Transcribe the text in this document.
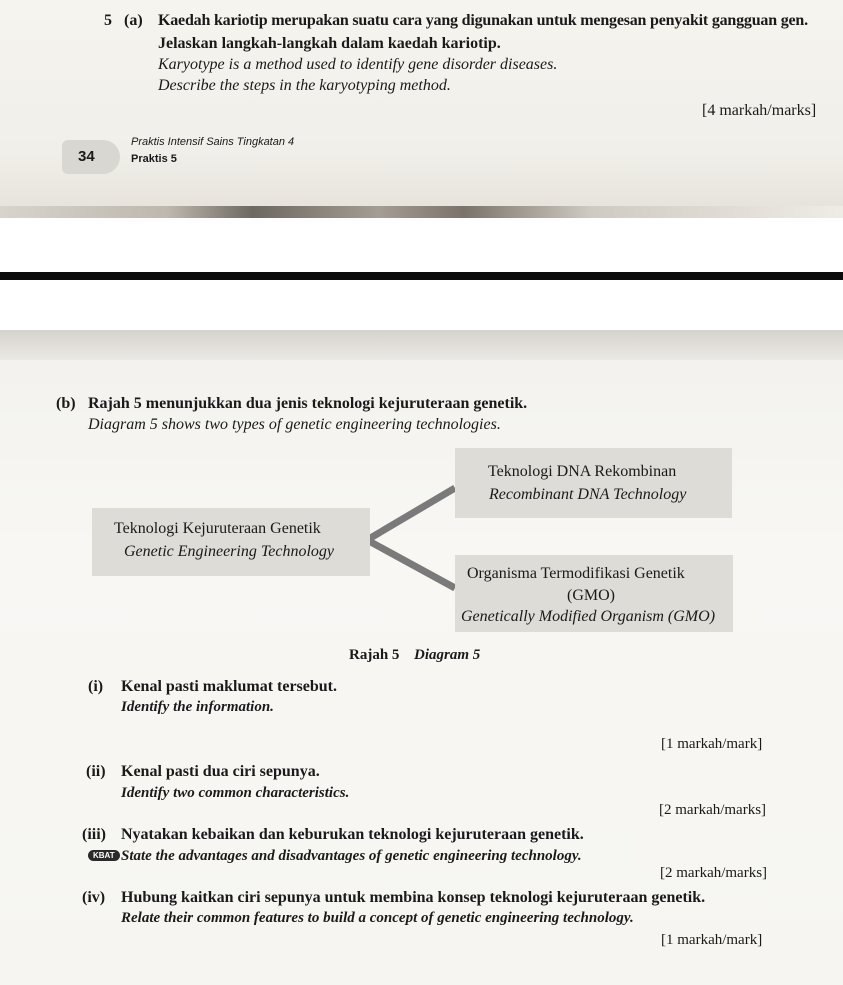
5 (a) Kaedah kariotip merupakan suatu cara yang digunakan untuk mengesan penyakit gangguan gen.
Jelaskan langkah-langkah dalam kaedah kariotip.
Karyotype is a method used to identify gene disorder diseases.
Describe the steps in the karyotyping method.
[4 markah/marks]
34
Praktis Intensif Sains Tingkatan 4
Praktis 5
(b) Rajah 5 menunjukkan dua jenis teknologi kejuruteraan genetik.
Diagram 5 shows two types of genetic engineering technologies.
Teknologi DNA Rekombinan
Recombinant DNA Technology
Teknologi Kejuruteraan Genetik
Genetic Engineering Technology
Organisma Termodifikasi Genetik
(GMO)
Genetically Modified Organism (GMO)
Rajah 5 Diagram 5
(i) Kenal pasti maklumat tersebut.
Identify the information.
[1 markah/mark]
(ii) Kenal pasti dua ciri sepunya.
Identify two common characteristics.
[2 markah/marks]
(iii) Nyatakan kebaikan dan keburukan teknologi kejuruteraan genetik.
KBAT State the advantages and disadvantages of genetic engineering technology.
[2 markah/marks]
(iv) Hubung kaitkan ciri sepunya untuk membina konsep teknologi kejuruteraan genetik.
Relate their common features to build a concept of genetic engineering technology.
[1 markah/mark]
